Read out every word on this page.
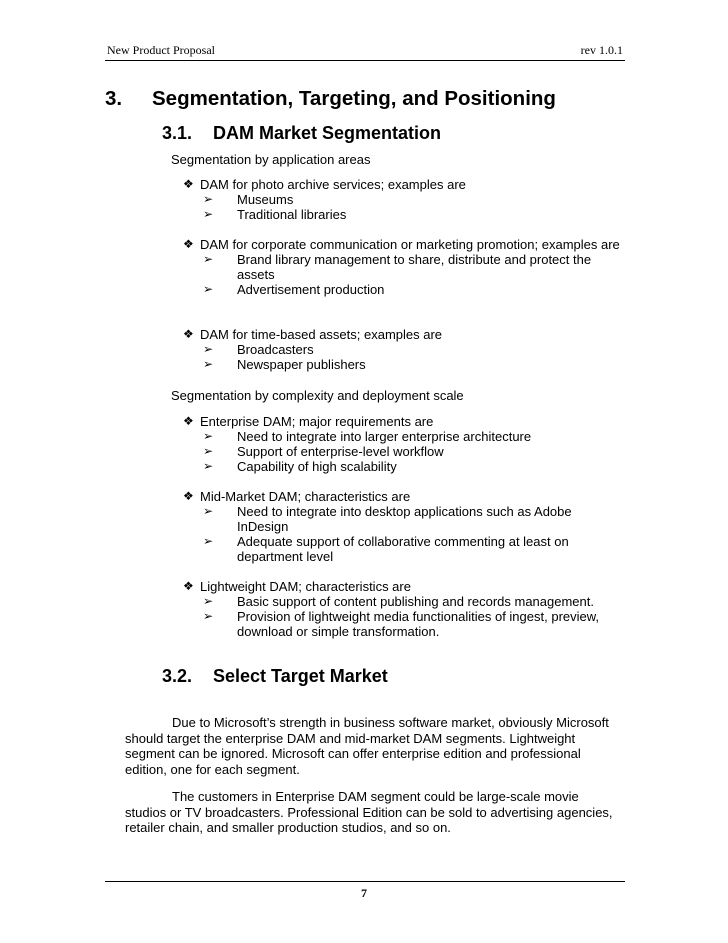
New Product Proposal	rev 1.0.1
3. Segmentation, Targeting, and Positioning
3.1. DAM Market Segmentation
Segmentation by application areas
❖ DAM for photo archive services; examples are
➢ Museums
➢ Traditional libraries
❖ DAM for corporate communication or marketing promotion; examples are
➢ Brand library management to share, distribute and protect the assets
➢ Advertisement production
❖ DAM for time-based assets; examples are
➢ Broadcasters
➢ Newspaper publishers
Segmentation by complexity and deployment scale
❖ Enterprise DAM; major requirements are
➢ Need to integrate into larger enterprise architecture
➢ Support of enterprise-level workflow
➢ Capability of high scalability
❖ Mid-Market DAM; characteristics are
➢ Need to integrate into desktop applications such as Adobe InDesign
➢ Adequate support of collaborative commenting at least on department level
❖ Lightweight DAM; characteristics are
➢ Basic support of content publishing and records management.
➢ Provision of lightweight media functionalities of ingest, preview, download or simple transformation.
3.2. Select Target Market
Due to Microsoft’s strength in business software market, obviously Microsoft should target the enterprise DAM and mid-market DAM segments. Lightweight segment can be ignored. Microsoft can offer enterprise edition and professional edition, one for each segment.
The customers in Enterprise DAM segment could be large-scale movie studios or TV broadcasters. Professional Edition can be sold to advertising agencies, retailer chain, and smaller production studios, and so on.
7
